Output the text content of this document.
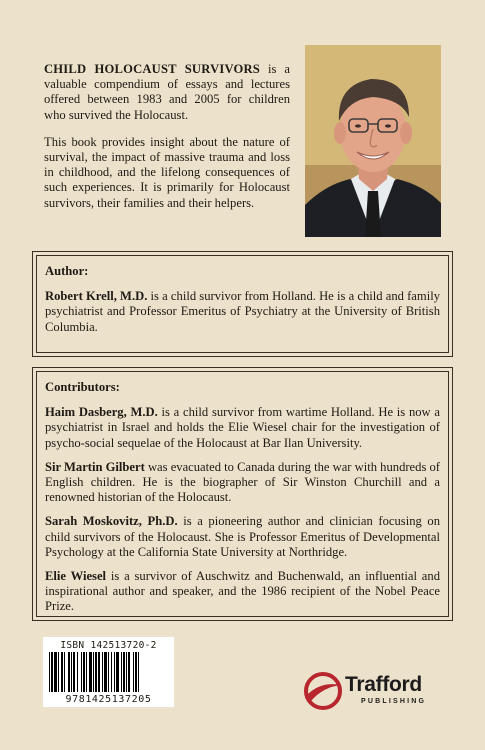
CHILD HOLOCAUST SURVIVORS is a valuable compendium of essays and lectures offered between 1983 and 2005 for children who survived the Holocaust.

This book provides insight about the nature of survival, the impact of massive trauma and loss in childhood, and the lifelong consequences of such experiences. It is primarily for Holocaust survivors, their families and their helpers.

Author:

Robert Krell, M.D. is a child survivor from Holland. He is a child and family psychiatrist and Professor Emeritus of Psychiatry at the University of British Columbia.

Contributors:

Haim Dasberg, M.D. is a child survivor from wartime Holland. He is now a psychiatrist in Israel and holds the Elie Wiesel chair for the investigation of psycho-social sequelae of the Holocaust at Bar Ilan University.

Sir Martin Gilbert was evacuated to Canada during the war with hundreds of English children. He is the biographer of Sir Winston Churchill and a renowned historian of the Holocaust.

Sarah Moskovitz, Ph.D. is a pioneering author and clinician focusing on child survivors of the Holocaust. She is Professor Emeritus of Developmental Psychology at the California State University at Northridge.

Elie Wiesel is a survivor of Auschwitz and Buchenwald, an influential and inspirational author and speaker, and the 1986 recipient of the Nobel Peace Prize.

ISBN 142513720-2
9781425137205
Trafford
PUBLISHING
